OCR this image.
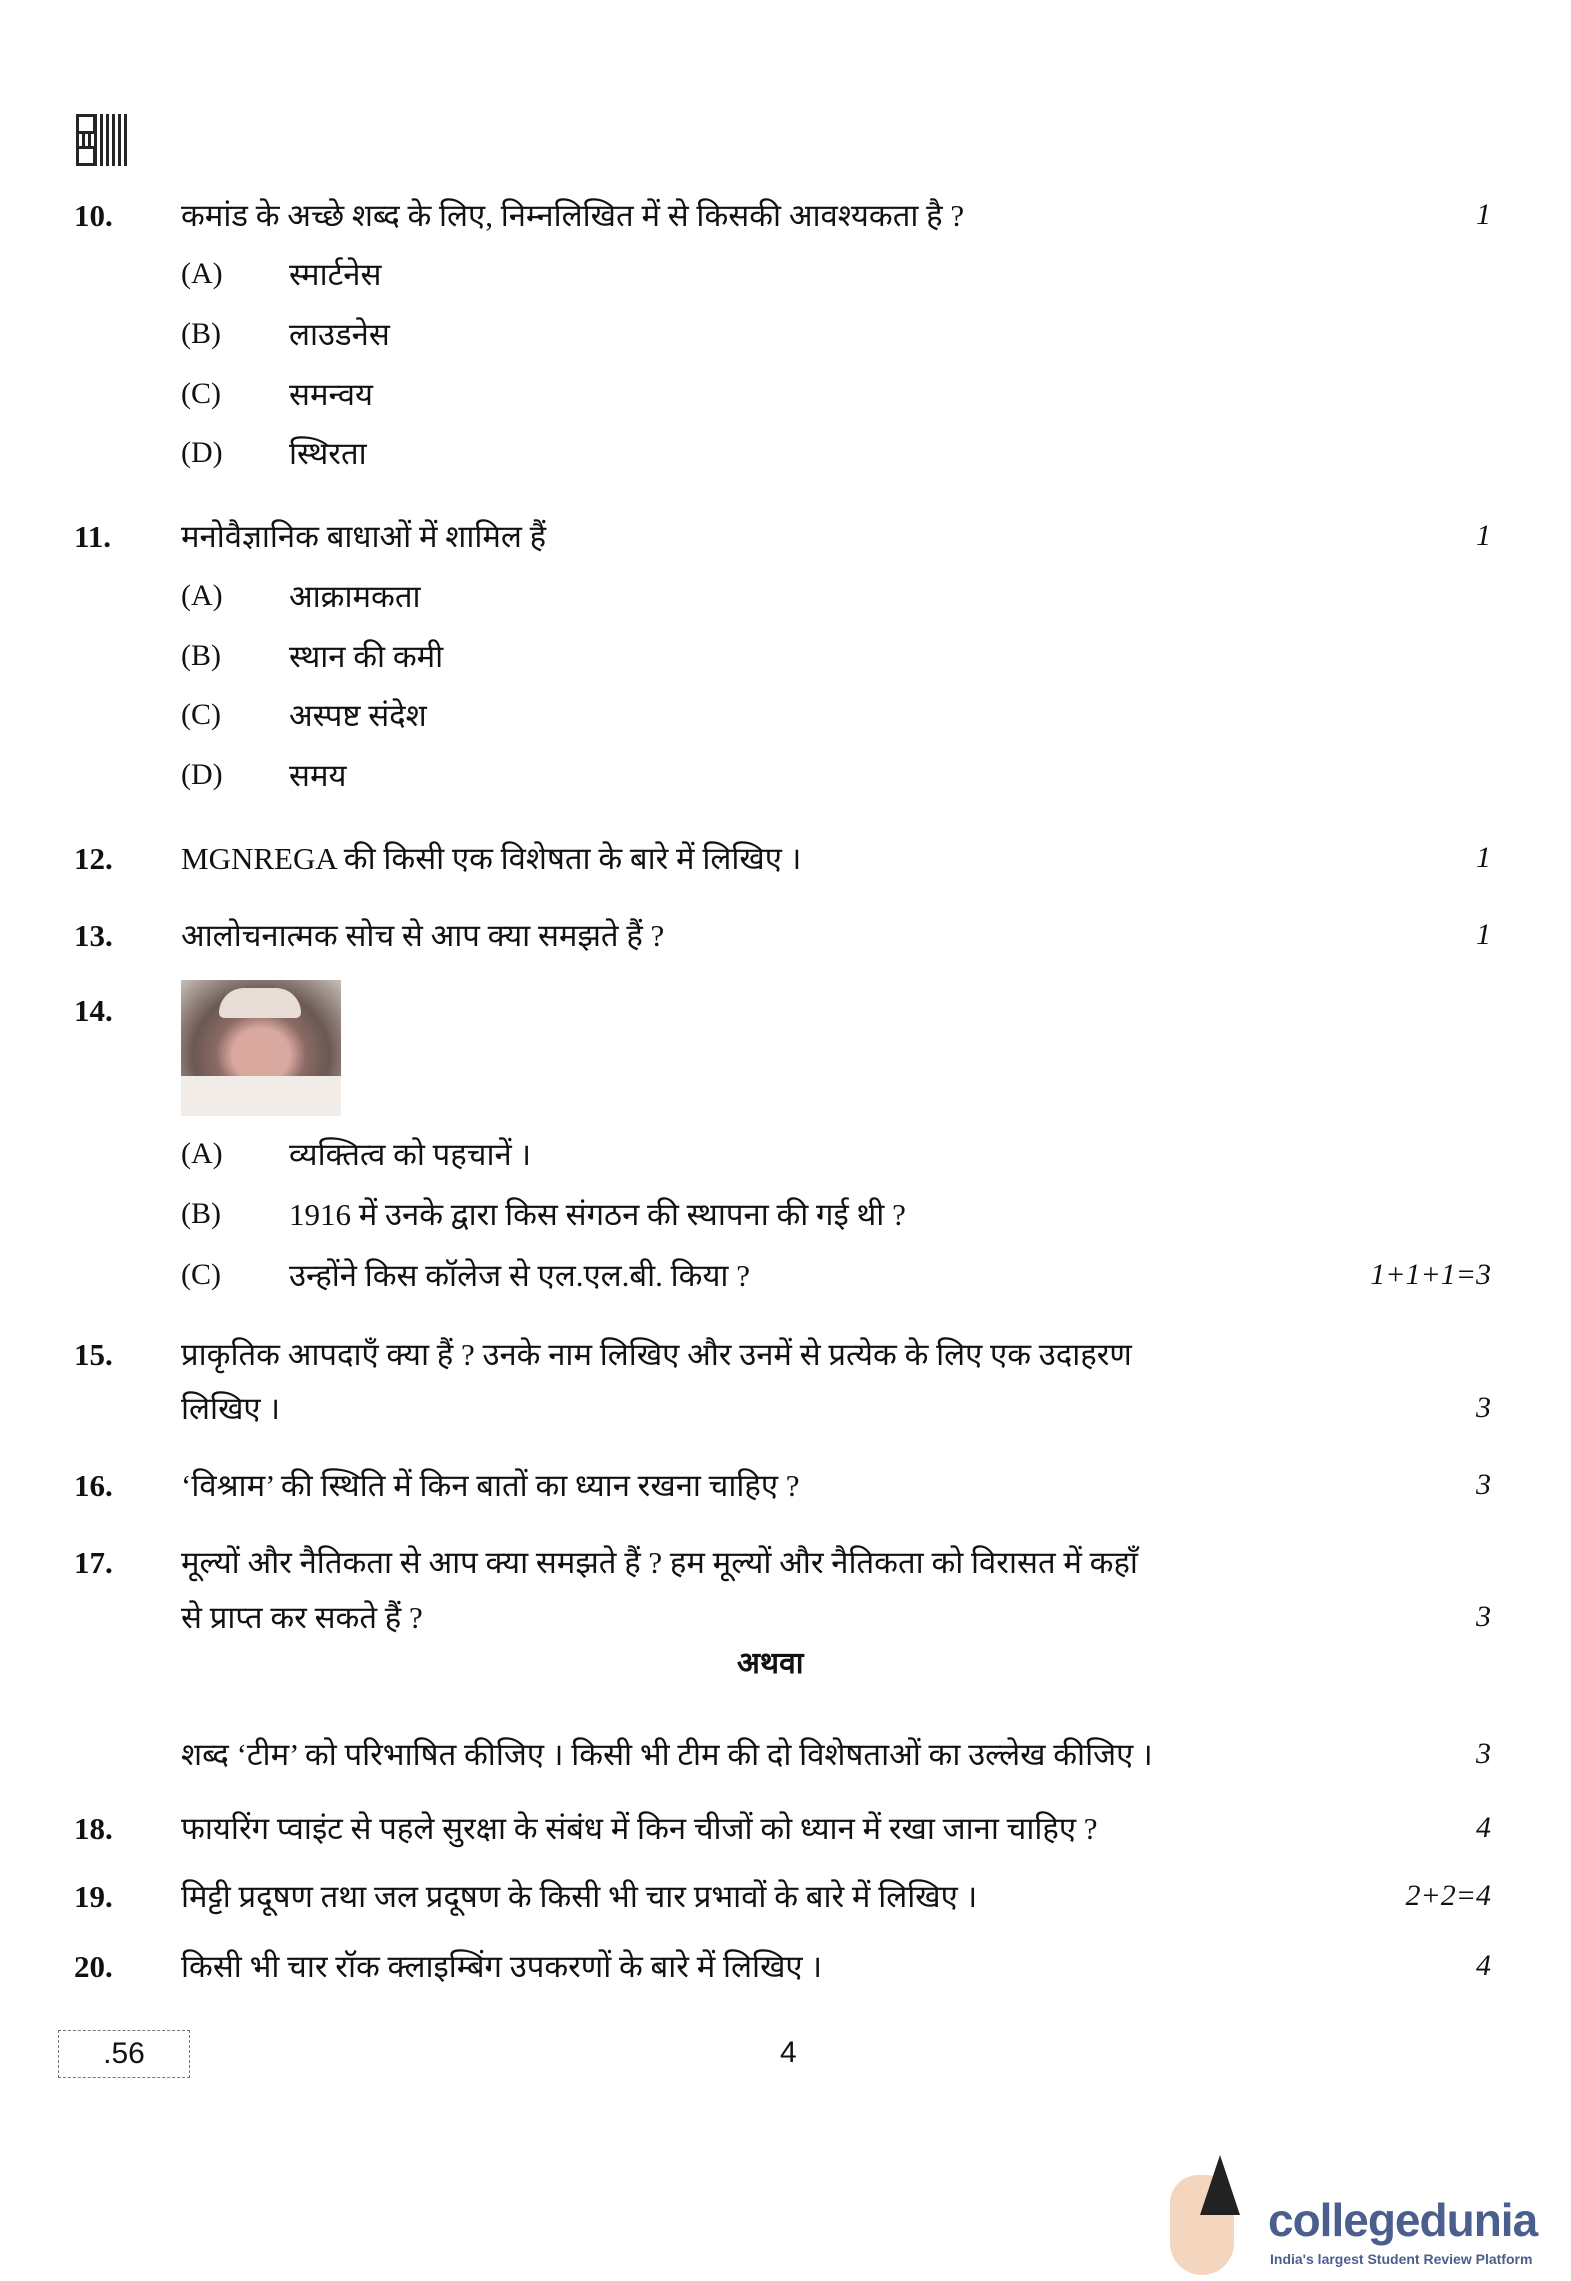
10. कमांड के अच्छे शब्द के लिए, निम्नलिखित में से किसकी आवश्यकता है ?	1
(A) स्मार्टनेस
(B) लाउडनेस
(C) समन्वय
(D) स्थिरता
11. मनोवैज्ञानिक बाधाओं में शामिल हैं	1
(A) आक्रामकता
(B) स्थान की कमी
(C) अस्पष्ट संदेश
(D) समय
12. MGNREGA की किसी एक विशेषता के बारे में लिखिए ।	1
13. आलोचनात्मक सोच से आप क्या समझते हैं ?	1
14.
(A) व्यक्तित्व को पहचानें ।
(B) 1916 में उनके द्वारा किस संगठन की स्थापना की गई थी ?
(C) उन्होंने किस कॉलेज से एल.एल.बी. किया ?	1+1+1=3
15. प्राकृतिक आपदाएँ क्या हैं ? उनके नाम लिखिए और उनमें से प्रत्येक के लिए एक उदाहरण
लिखिए ।	3
16. ‘विश्राम’ की स्थिति में किन बातों का ध्यान रखना चाहिए ?	3
17. मूल्यों और नैतिकता से आप क्या समझते हैं ? हम मूल्यों और नैतिकता को विरासत में कहाँ
से प्राप्त कर सकते हैं ?	3
अथवा
शब्द ‘टीम’ को परिभाषित कीजिए । किसी भी टीम की दो विशेषताओं का उल्लेख कीजिए ।	3
18. फायरिंग प्वाइंट से पहले सुरक्षा के संबंध में किन चीजों को ध्यान में रखा जाना चाहिए ?	4
19. मिट्टी प्रदूषण तथा जल प्रदूषण के किसी भी चार प्रभावों के बारे में लिखिए ।	2+2=4
20. किसी भी चार रॉक क्लाइम्बिंग उपकरणों के बारे में लिखिए ।	4
.56	4
collegedunia
India's largest Student Review Platform
